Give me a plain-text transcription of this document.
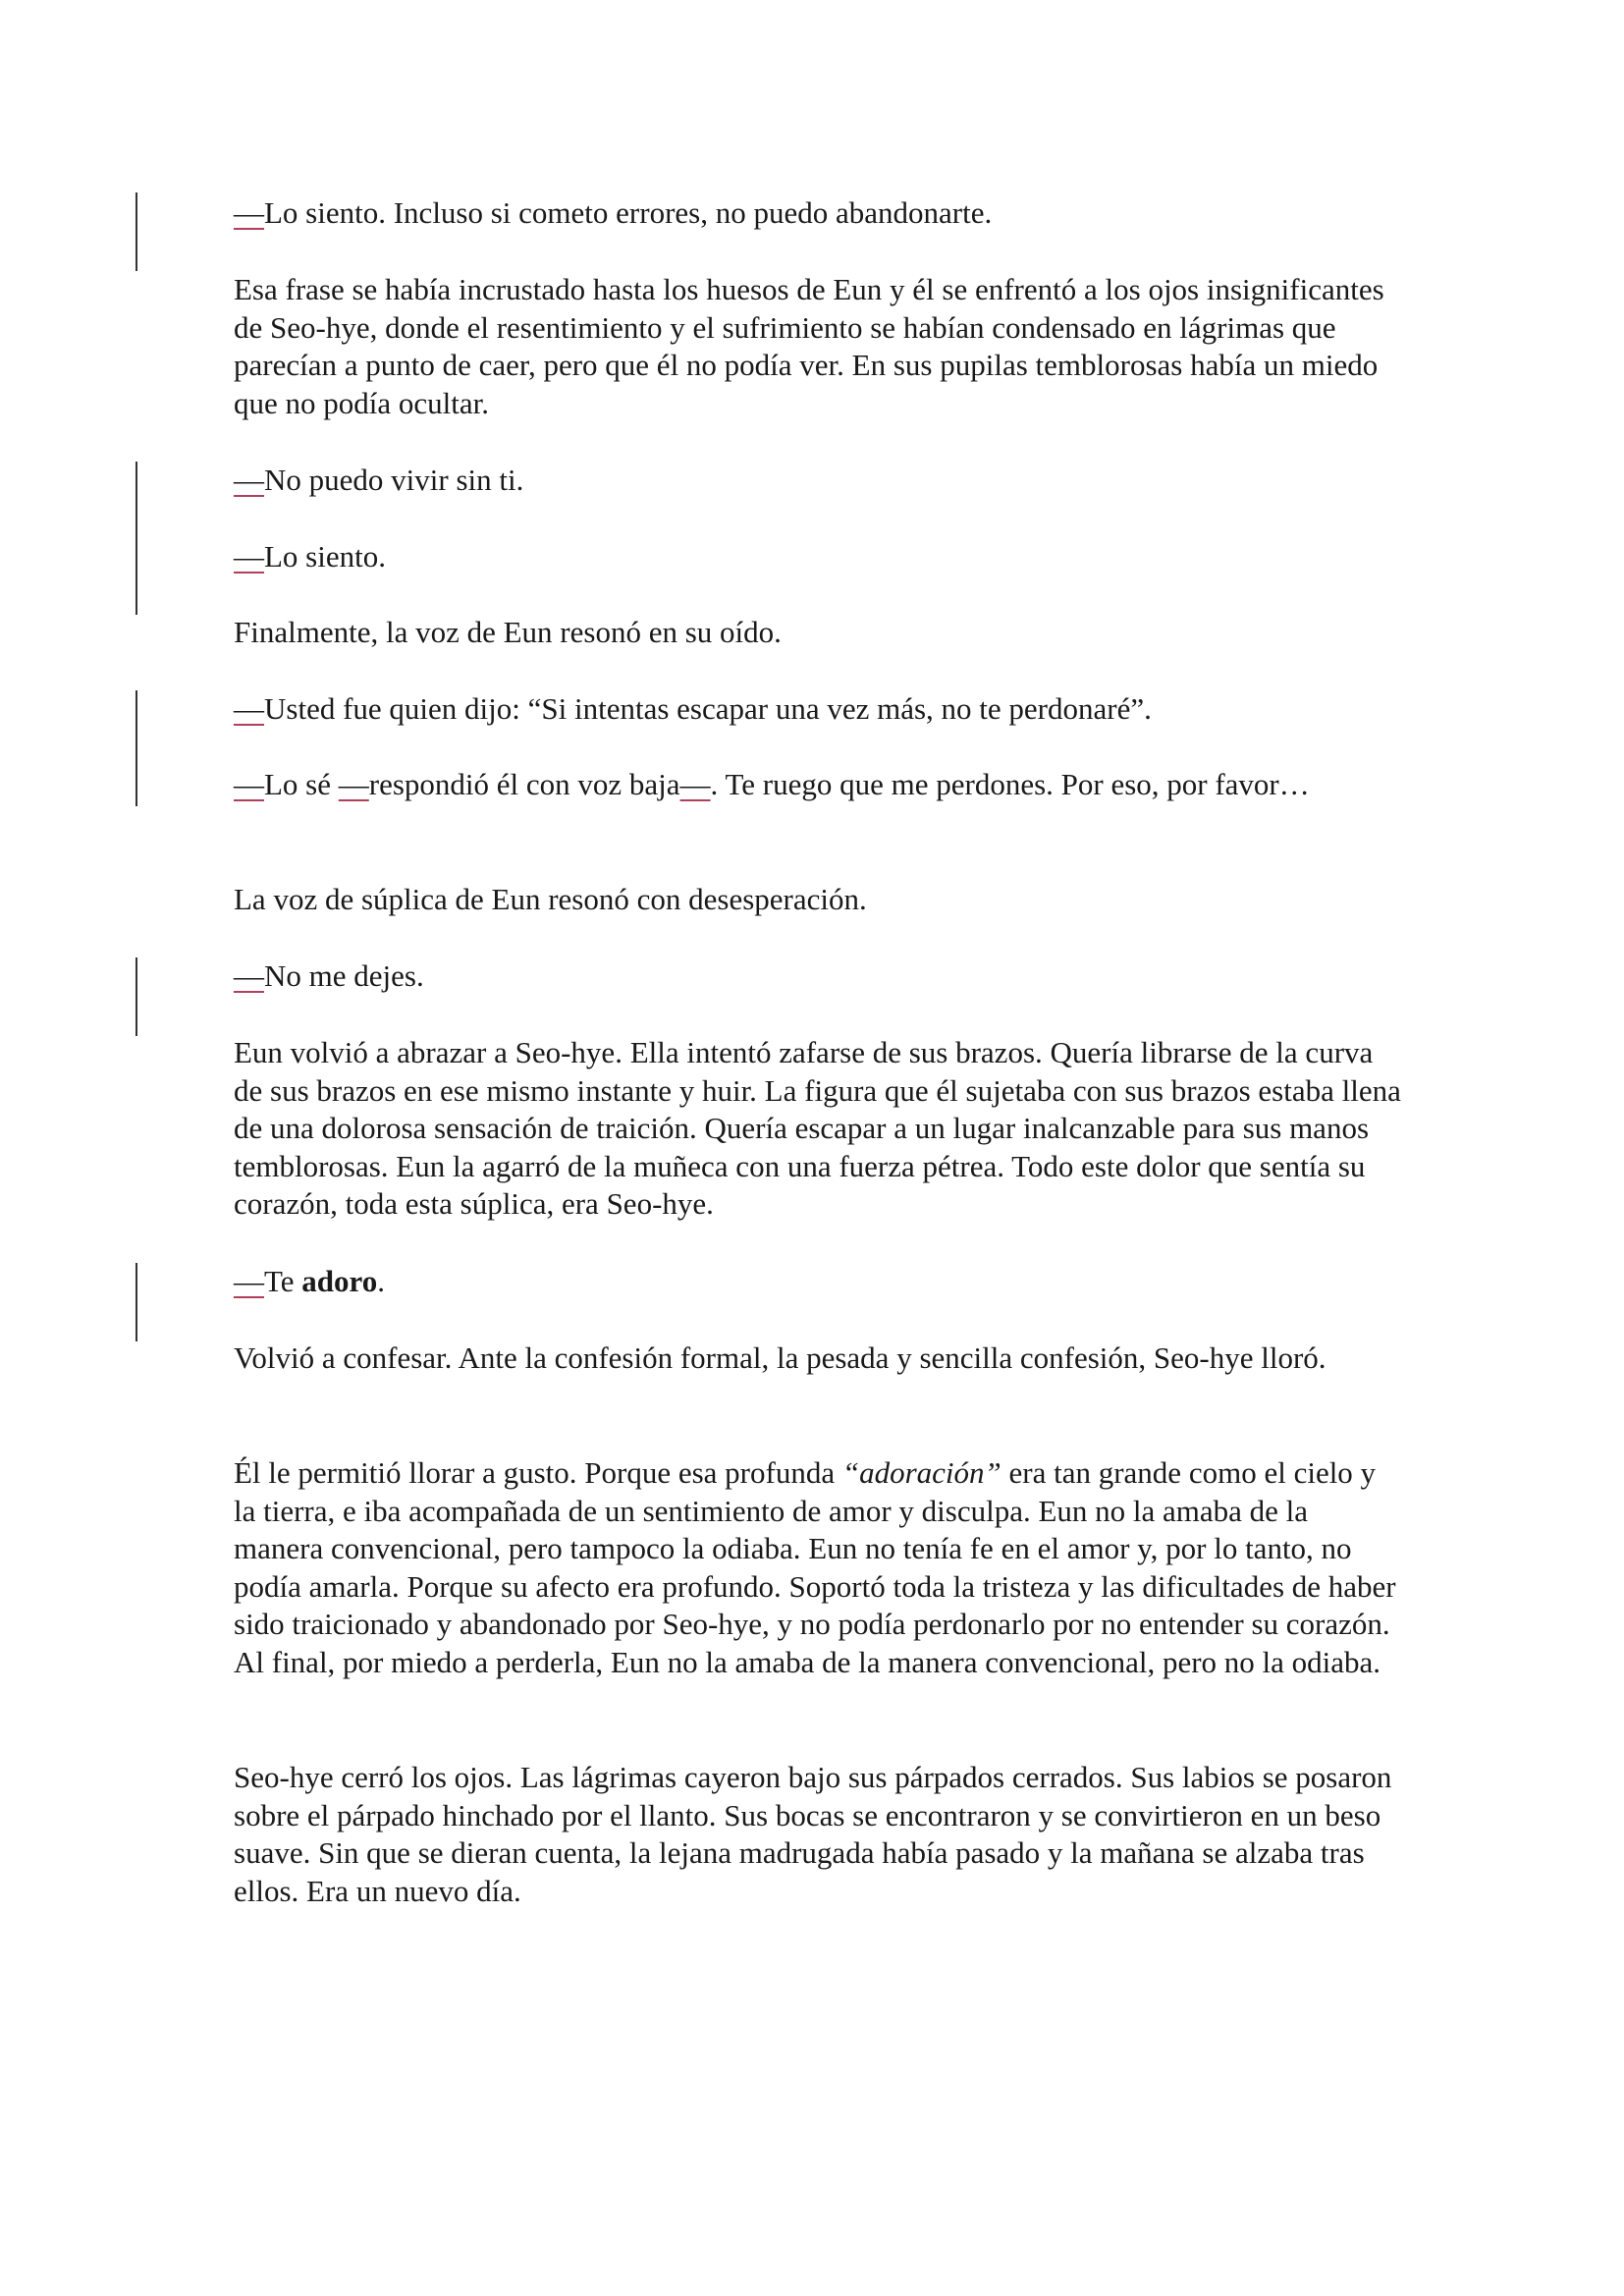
—Lo siento. Incluso si cometo errores, no puedo abandonarte.

Esa frase se había incrustado hasta los huesos de Eun y él se enfrentó a los ojos insignificantes de Seo-hye, donde el resentimiento y el sufrimiento se habían condensado en lágrimas que parecían a punto de caer, pero que él no podía ver. En sus pupilas temblorosas había un miedo que no podía ocultar.

—No puedo vivir sin ti.

—Lo siento.

Finalmente, la voz de Eun resonó en su oído.

—Usted fue quien dijo: “Si intentas escapar una vez más, no te perdonaré”.

—Lo sé —respondió él con voz baja—. Te ruego que me perdones. Por eso, por favor…

La voz de súplica de Eun resonó con desesperación.

—No me dejes.

Eun volvió a abrazar a Seo-hye. Ella intentó zafarse de sus brazos. Quería librarse de la curva de sus brazos en ese mismo instante y huir. La figura que él sujetaba con sus brazos estaba llena de una dolorosa sensación de traición. Quería escapar a un lugar inalcanzable para sus manos temblorosas. Eun la agarró de la muñeca con una fuerza pétrea. Todo este dolor que sentía su corazón, toda esta súplica, era Seo-hye.

—Te adoro.

Volvió a confesar. Ante la confesión formal, la pesada y sencilla confesión, Seo-hye lloró.

Él le permitió llorar a gusto. Porque esa profunda “adoración” era tan grande como el cielo y la tierra, e iba acompañada de un sentimiento de amor y disculpa. Eun no la amaba de la manera convencional, pero tampoco la odiaba. Eun no tenía fe en el amor y, por lo tanto, no podía amarla. Porque su afecto era profundo. Soportó toda la tristeza y las dificultades de haber sido traicionado y abandonado por Seo-hye, y no podía perdonarlo por no entender su corazón. Al final, por miedo a perderla, Eun no la amaba de la manera convencional, pero no la odiaba.

Seo-hye cerró los ojos. Las lágrimas cayeron bajo sus párpados cerrados. Sus labios se posaron sobre el párpado hinchado por el llanto. Sus bocas se encontraron y se convirtieron en un beso suave. Sin que se dieran cuenta, la lejana madrugada había pasado y la mañana se alzaba tras ellos. Era un nuevo día.
